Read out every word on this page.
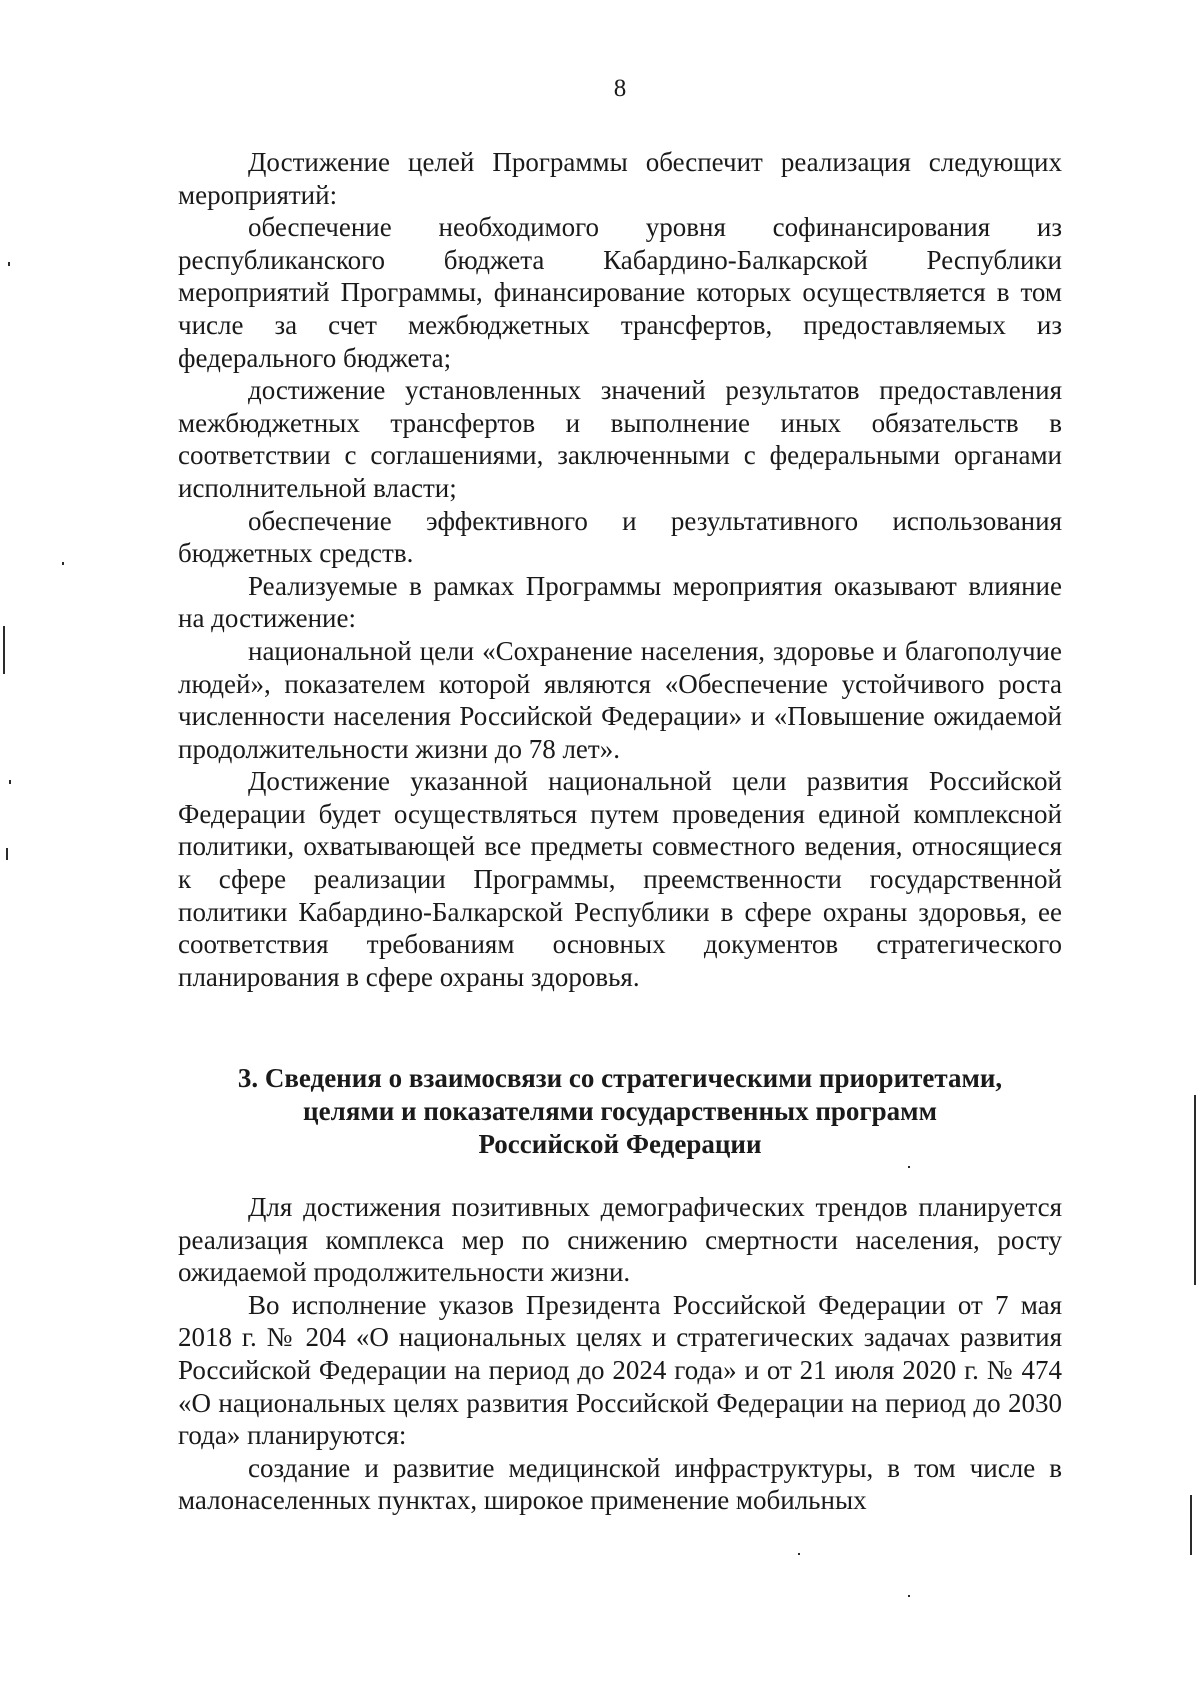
8

Достижение целей Программы обеспечит реализация следующих мероприятий:

обеспечение необходимого уровня софинансирования из республиканского бюджета Кабардино-Балкарской Республики мероприятий Программы, финансирование которых осуществляется в том числе за счет межбюджетных трансфертов, предоставляемых из федерального бюджета;

достижение установленных значений результатов предоставления межбюджетных трансфертов и выполнение иных обязательств в соответствии с соглашениями, заключенными с федеральными органами исполнительной власти;

обеспечение эффективного и результативного использования бюджетных средств.

Реализуемые в рамках Программы мероприятия оказывают влияние на достижение:

национальной цели «Сохранение населения, здоровье и благополучие людей», показателем которой являются «Обеспечение устойчивого роста численности населения Российской Федерации» и «Повышение ожидаемой продолжительности жизни до 78 лет».

Достижение указанной национальной цели развития Российской Федерации будет осуществляться путем проведения единой комплексной политики, охватывающей все предметы совместного ведения, относящиеся к сфере реализации Программы, преемственности государственной политики Кабардино-Балкарской Республики в сфере охраны здоровья, ее соответствия требованиям основных документов стратегического планирования в сфере охраны здоровья.

3. Сведения о взаимосвязи со стратегическими приоритетами,
целями и показателями государственных программ
Российской Федерации

Для достижения позитивных демографических трендов планируется реализация комплекса мер по снижению смертности населения, росту ожидаемой продолжительности жизни.

Во исполнение указов Президента Российской Федерации от 7 мая 2018 г. № 204 «О национальных целях и стратегических задачах развития Российской Федерации на период до 2024 года» и от 21 июля 2020 г. № 474 «О национальных целях развития Российской Федерации на период до 2030 года» планируются:

создание и развитие медицинской инфраструктуры, в том числе в малонаселенных пунктах, широкое применение мобильных
